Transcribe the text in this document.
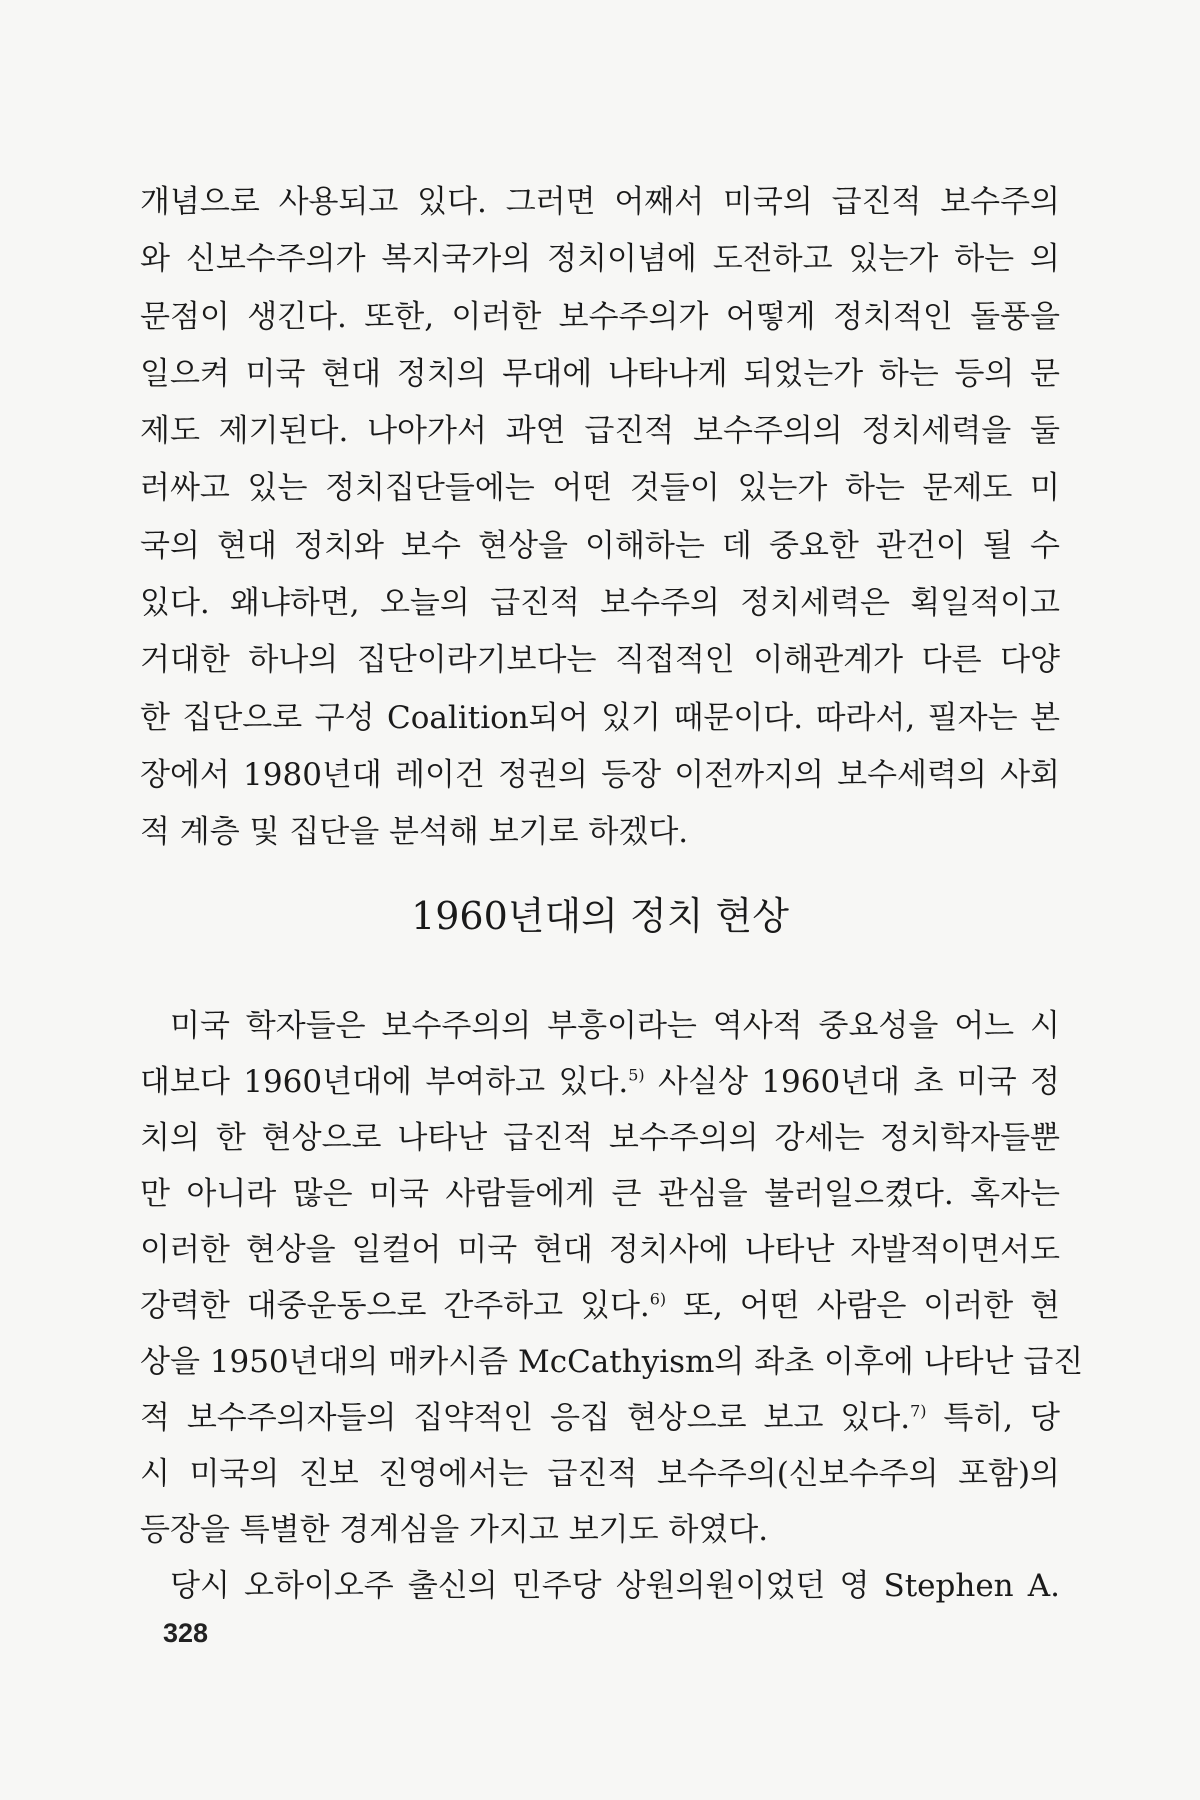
개념으로 사용되고 있다. 그러면 어째서 미국의 급진적 보수주의
와 신보수주의가 복지국가의 정치이념에 도전하고 있는가 하는 의
문점이 생긴다. 또한, 이러한 보수주의가 어떻게 정치적인 돌풍을
일으켜 미국 현대 정치의 무대에 나타나게 되었는가 하는 등의 문
제도 제기된다. 나아가서 과연 급진적 보수주의의 정치세력을 둘
러싸고 있는 정치집단들에는 어떤 것들이 있는가 하는 문제도 미
국의 현대 정치와 보수 현상을 이해하는 데 중요한 관건이 될 수
있다. 왜냐하면, 오늘의 급진적 보수주의 정치세력은 획일적이고
거대한 하나의 집단이라기보다는 직접적인 이해관계가 다른 다양
한 집단으로 구성 Coalition되어 있기 때문이다. 따라서, 필자는 본
장에서 1980년대 레이건 정권의 등장 이전까지의 보수세력의 사회
적 계층 및 집단을 분석해 보기로 하겠다.
1960년대의 정치 현상
미국 학자들은 보수주의의 부흥이라는 역사적 중요성을 어느 시
대보다 1960년대에 부여하고 있다.$^{5)}$ 사실상 1960년대 초 미국 정
치의 한 현상으로 나타난 급진적 보수주의의 강세는 정치학자들뿐
만 아니라 많은 미국 사람들에게 큰 관심을 불러일으켰다. 혹자는
이러한 현상을 일컬어 미국 현대 정치사에 나타난 자발적이면서도
강력한 대중운동으로 간주하고 있다.$^{6)}$ 또, 어떤 사람은 이러한 현
상을 1950년대의 매카시즘 McCathyism의 좌초 이후에 나타난 급진
적 보수주의자들의 집약적인 응집 현상으로 보고 있다.$^{7)}$ 특히, 당
시 미국의 진보 진영에서는 급진적 보수주의(신보수주의 포함)의
등장을 특별한 경계심을 가지고 보기도 하였다.
당시 오하이오주 출신의 민주당 상원의원이었던 영 Stephen A.
328
